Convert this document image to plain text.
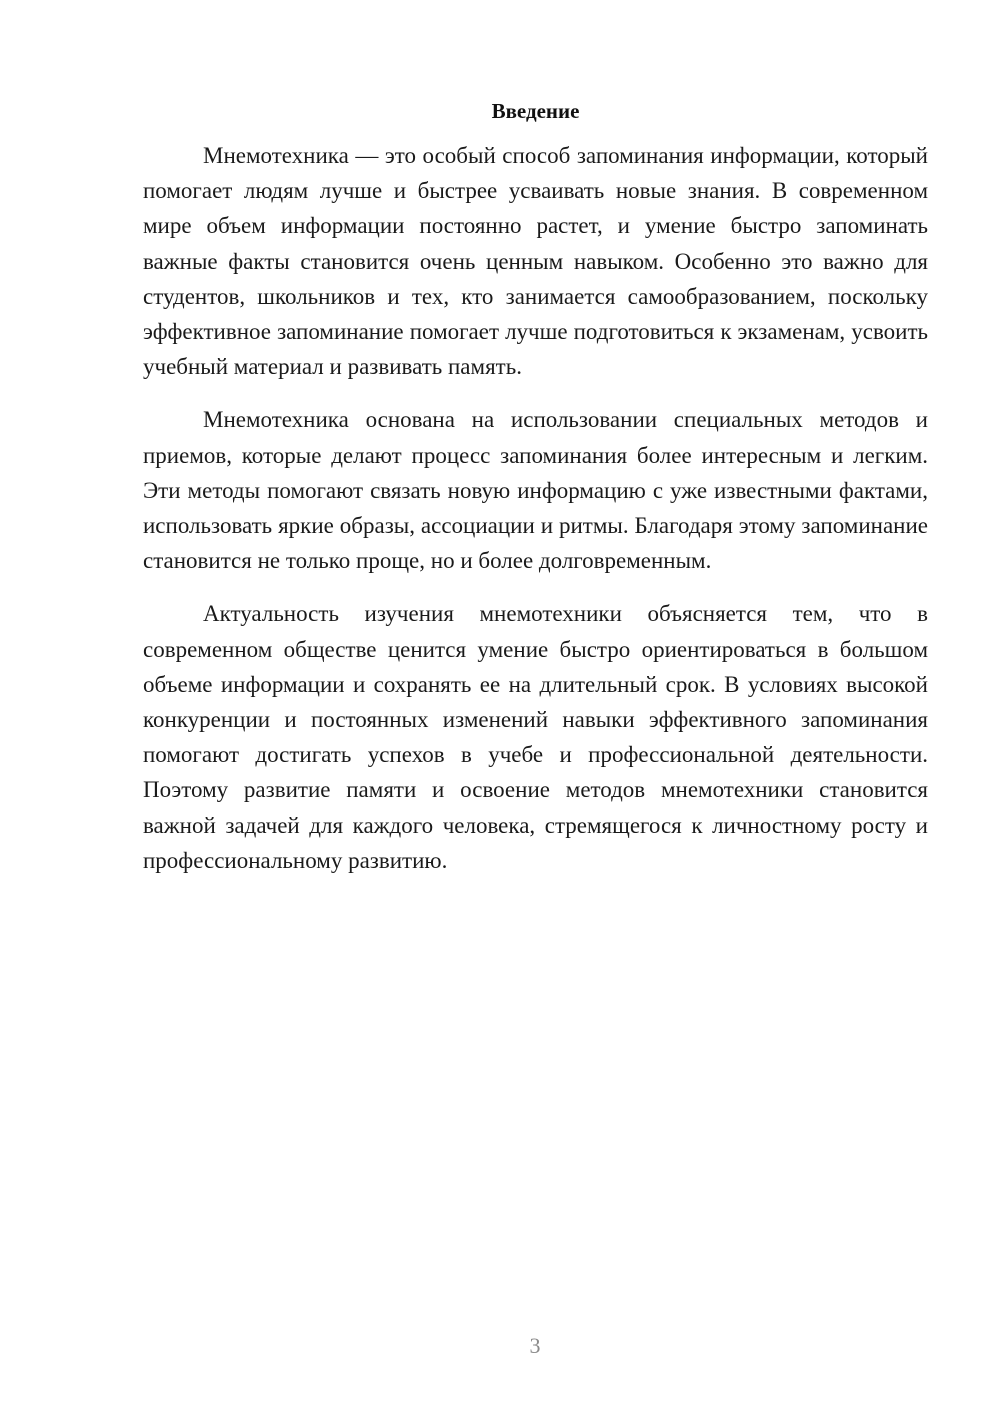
Введение

Мнемотехника — это особый способ запоминания информации, который помогает людям лучше и быстрее усваивать новые знания. В современном мире объем информации постоянно растет, и умение быстро запоминать важные факты становится очень ценным навыком. Особенно это важно для студентов, школьников и тех, кто занимается самообразованием, поскольку эффективное запоминание помогает лучше подготовиться к экзаменам, усвоить учебный материал и развивать память.

Мнемотехника основана на использовании специальных методов и приемов, которые делают процесс запоминания более интересным и легким. Эти методы помогают связать новую информацию с уже известными фактами, использовать яркие образы, ассоциации и ритмы. Благодаря этому запоминание становится не только проще, но и более долговременным.

Актуальность изучения мнемотехники объясняется тем, что в современном обществе ценится умение быстро ориентироваться в большом объеме информации и сохранять ее на длительный срок. В условиях высокой конкуренции и постоянных изменений навыки эффективного запоминания помогают достигать успехов в учебе и профессиональной деятельности. Поэтому развитие памяти и освоение методов мнемотехники становится важной задачей для каждого человека, стремящегося к личностному росту и профессиональному развитию.

3
